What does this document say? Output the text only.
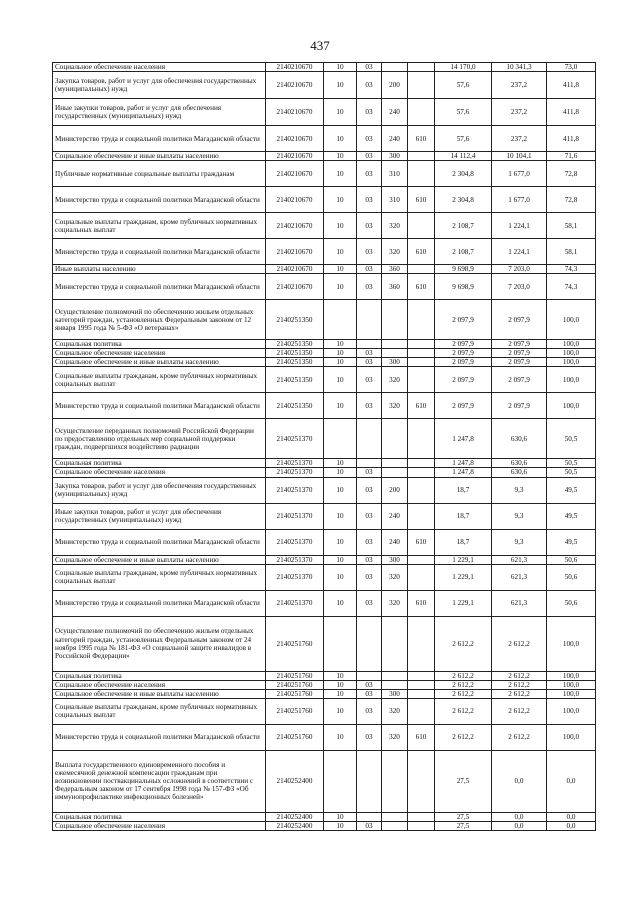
437
Социальное обеспечение населения	2140210670	10	03			14 170,0	10 341,3	73,0
Закупка товаров, работ и услуг для обеспечения государственных (муниципальных) нужд	2140210670	10	03	200		57,6	237,2	411,8
Иные закупки товаров, работ и услуг для обеспечения государственных (муниципальных) нужд	2140210670	10	03	240		57,6	237,2	411,8
Министерство труда и социальной политики Магаданской области	2140210670	10	03	240	610	57,6	237,2	411,8
Социальное обеспечение и иные выплаты населению	2140210670	10	03	300		14 112,4	10 104,1	71,6
Публичные нормативные социальные выплаты гражданам	2140210670	10	03	310		2 304,8	1 677,0	72,8
Министерство труда и социальной политики Магаданской области	2140210670	10	03	310	610	2 304,8	1 677,0	72,8
Социальные выплаты гражданам, кроме публичных нормативных социальных выплат	2140210670	10	03	320		2 108,7	1 224,1	58,1
Министерство труда и социальной политики Магаданской области	2140210670	10	03	320	610	2 108,7	1 224,1	58,1
Иные выплаты населению	2140210670	10	03	360		9 698,9	7 203,0	74,3
Министерство труда и социальной политики Магаданской области	2140210670	10	03	360	610	9 698,9	7 203,0	74,3
Осуществление полномочий по обеспечению жильем отдельных категорий граждан, установленных Федеральным законом от 12 января 1995 года № 5-ФЗ «О ветеранах»	2140251350					2 097,9	2 097,9	100,0
Социальная политика	2140251350	10				2 097,9	2 097,9	100,0
Социальное обеспечение населения	2140251350	10	03			2 097,9	2 097,9	100,0
Социальное обеспечение и иные выплаты населению	2140251350	10	03	300		2 097,9	2 097,9	100,0
Социальные выплаты гражданам, кроме публичных нормативных социальных выплат	2140251350	10	03	320		2 097,9	2 097,9	100,0
Министерство труда и социальной политики Магаданской области	2140251350	10	03	320	610	2 097,9	2 097,9	100,0
Осуществление переданных полномочий Российской Федерации по предоставлению отдельных мер социальной поддержки граждан, подвергшихся воздействию радиации	2140251370					1 247,8	630,6	50,5
Социальная политика	2140251370	10				1 247,8	630,6	50,5
Социальное обеспечение населения	2140251370	10	03			1 247,8	630,6	50,5
Закупка товаров, работ и услуг для обеспечения государственных (муниципальных) нужд	2140251370	10	03	200		18,7	9,3	49,5
Иные закупки товаров, работ и услуг для обеспечения государственных (муниципальных) нужд	2140251370	10	03	240		18,7	9,3	49,5
Министерство труда и социальной политики Магаданской области	2140251370	10	03	240	610	18,7	9,3	49,5
Социальное обеспечение и иные выплаты населению	2140251370	10	03	300		1 229,1	621,3	50,6
Социальные выплаты гражданам, кроме публичных нормативных социальных выплат	2140251370	10	03	320		1 229,1	621,3	50,6
Министерство труда и социальной политики Магаданской области	2140251370	10	03	320	610	1 229,1	621,3	50,6
Осуществление полномочий по обеспечению жильем отдельных категорий граждан, установленных Федеральным законом от 24 ноября 1995 года № 181-ФЗ «О социальной защите инвалидов в Российской Федерации»	2140251760					2 612,2	2 612,2	100,0
Социальная политика	2140251760	10				2 612,2	2 612,2	100,0
Социальное обеспечение населения	2140251760	10	03			2 612,2	2 612,2	100,0
Социальное обеспечение и иные выплаты населению	2140251760	10	03	300		2 612,2	2 612,2	100,0
Социальные выплаты гражданам, кроме публичных нормативных социальных выплат	2140251760	10	03	320		2 612,2	2 612,2	100,0
Министерство труда и социальной политики Магаданской области	2140251760	10	03	320	610	2 612,2	2 612,2	100,0
Выплата государственного единовременного пособия и ежемесячной денежной компенсации гражданам при возникновении поствакцинальных осложнений в соответствии с Федеральным законом от 17 сентября 1998 года № 157-ФЗ «Об иммунопрофилактике инфекционных болезней»	2140252400					27,5	0,0	0,0
Социальная политика	2140252400	10				27,5	0,0	0,0
Социальное обеспечение населения	2140252400	10	03			27,5	0,0	0,0
